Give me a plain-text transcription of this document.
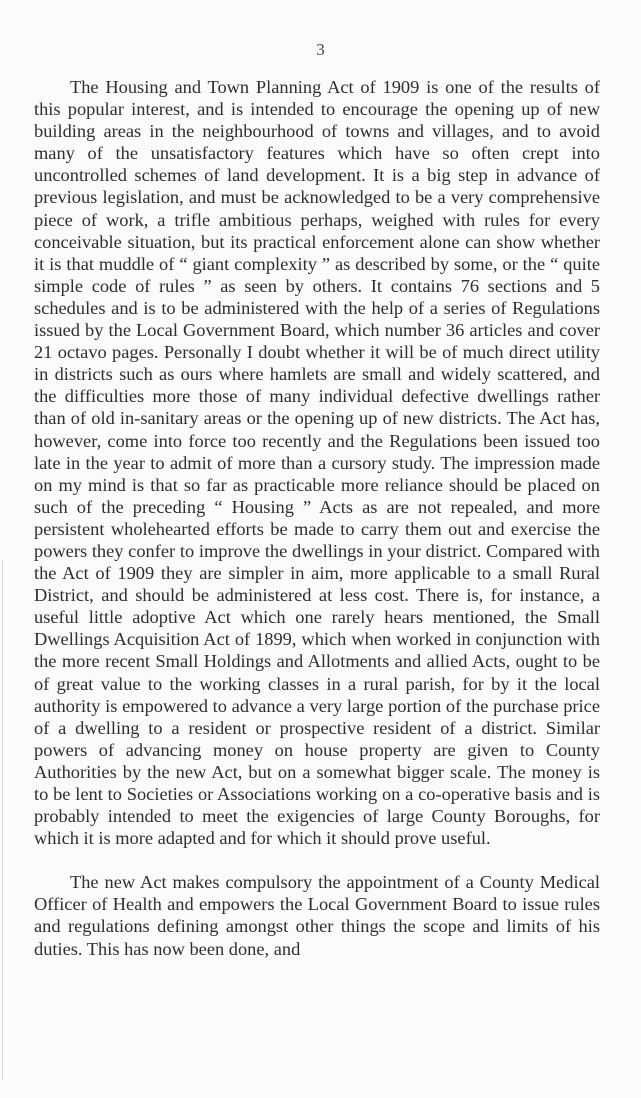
3

The Housing and Town Planning Act of 1909 is one of the results of this popular interest, and is intended to encourage the opening up of new building areas in the neighbourhood of towns and villages, and to avoid many of the unsatisfactory features which have so often crept into uncontrolled schemes of land development. It is a big step in advance of previous legislation, and must be acknowledged to be a very comprehensive piece of work, a trifle ambitious perhaps, weighed with rules for every conceivable situation, but its practical enforcement alone can show whether it is that muddle of “ giant complexity ” as described by some, or the “ quite simple code of rules ” as seen by others. It contains 76 sections and 5 schedules and is to be administered with the help of a series of Regulations issued by the Local Government Board, which number 36 articles and cover 21 octavo pages. Personally I doubt whether it will be of much direct utility in districts such as ours where hamlets are small and widely scattered, and the difficulties more those of many individual defective dwellings rather than of old in-sanitary areas or the opening up of new districts. The Act has, however, come into force too recently and the Regulations been issued too late in the year to admit of more than a cursory study. The impression made on my mind is that so far as practicable more reliance should be placed on such of the preceding “ Housing ” Acts as are not repealed, and more persistent wholehearted efforts be made to carry them out and exercise the powers they confer to improve the dwellings in your district. Compared with the Act of 1909 they are simpler in aim, more applicable to a small Rural District, and should be administered at less cost. There is, for instance, a useful little adoptive Act which one rarely hears mentioned, the Small Dwellings Acquisition Act of 1899, which when worked in conjunction with the more recent Small Holdings and Allotments and allied Acts, ought to be of great value to the working classes in a rural parish, for by it the local authority is empowered to advance a very large portion of the purchase price of a dwelling to a resident or prospective resident of a district. Similar powers of advancing money on house property are given to County Authorities by the new Act, but on a somewhat bigger scale. The money is to be lent to Societies or Associations working on a co-operative basis and is probably intended to meet the exigencies of large County Boroughs, for which it is more adapted and for which it should prove useful.

The new Act makes compulsory the appointment of a County Medical Officer of Health and empowers the Local Government Board to issue rules and regulations defining amongst other things the scope and limits of his duties. This has now been done, and
